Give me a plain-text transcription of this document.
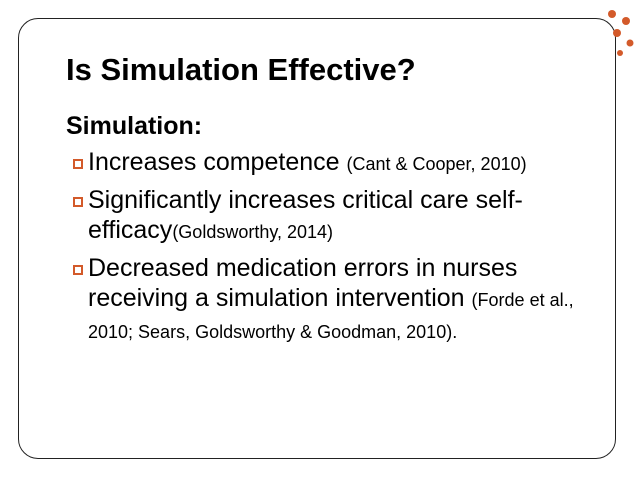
Is Simulation Effective?
Simulation:
Increases competence (Cant & Cooper, 2010)
Significantly increases critical care self-efficacy(Goldsworthy, 2014)
Decreased medication errors in nurses receiving a simulation intervention (Forde et al., 2010; Sears, Goldsworthy & Goodman, 2010).
